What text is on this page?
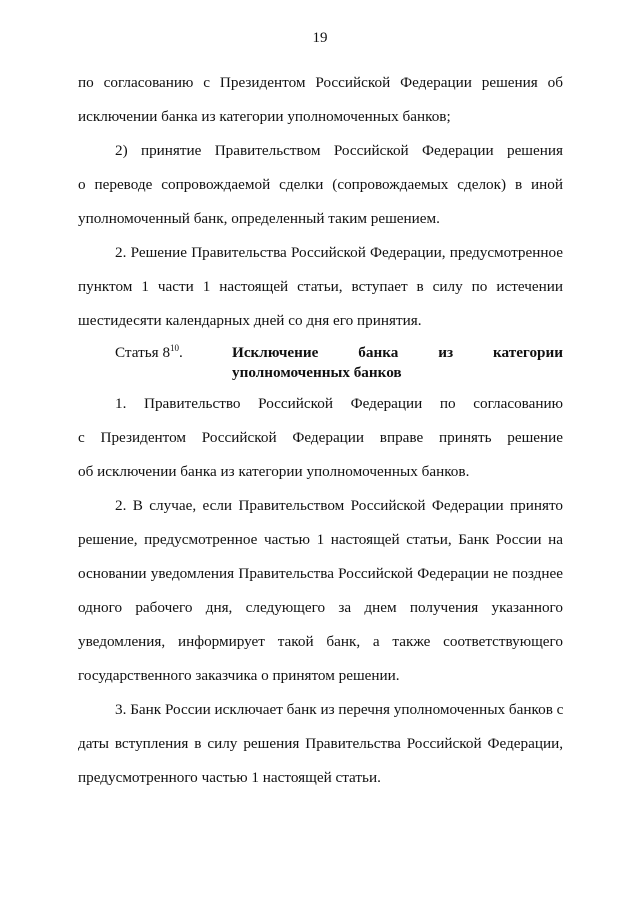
19
по согласованию с Президентом Российской Федерации решения об
исключении банка из категории уполномоченных банков;
2) принятие Правительством Российской Федерации решения
о переводе сопровождаемой сделки (сопровождаемых сделок) в иной
уполномоченный банк, определенный таким решением.
2. Решение Правительства Российской Федерации, предусмотренное
пунктом 1 части 1 настоящей статьи, вступает в силу по истечении
шестидесяти календарных дней со дня его принятия.
Статья $8^{10}$.	Исключение банка из категории
уполномоченных банков
1. Правительство Российской Федерации по согласованию
с Президентом Российской Федерации вправе принять решение
об исключении банка из категории уполномоченных банков.
2. В случае, если Правительством Российской Федерации принято
решение, предусмотренное частью 1 настоящей статьи, Банк России на
основании уведомления Правительства Российской Федерации не позднее
одного рабочего дня, следующего за днем получения указанного
уведомления, информирует такой банк, а также соответствующего
государственного заказчика о принятом решении.
3. Банк России исключает банк из перечня уполномоченных банков с
даты вступления в силу решения Правительства Российской Федерации,
предусмотренного частью 1 настоящей статьи.
